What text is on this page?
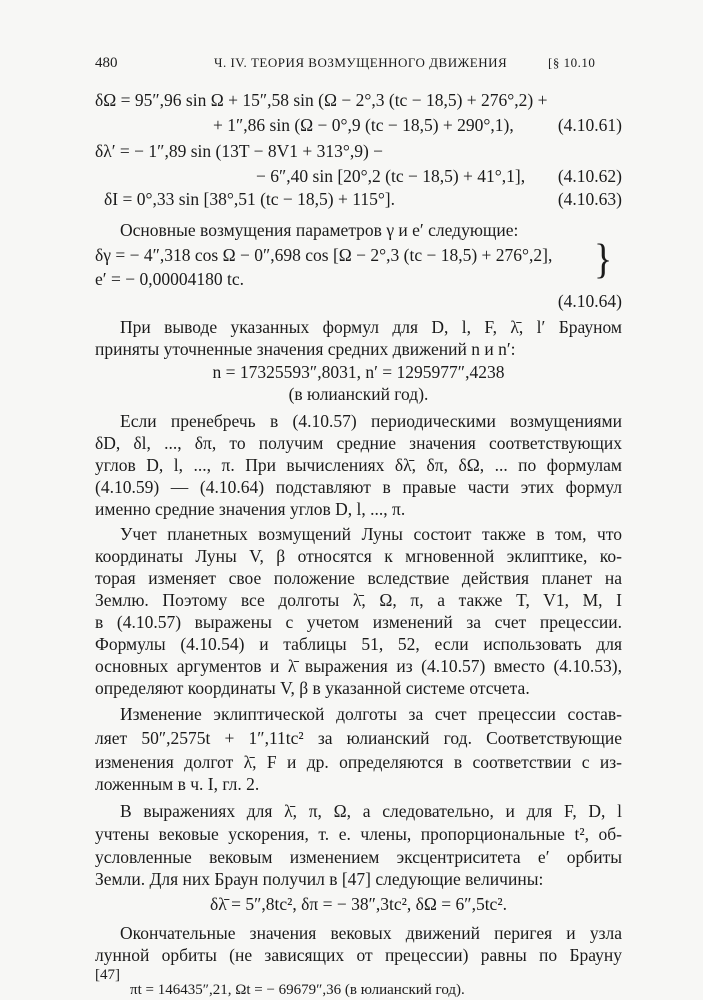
480	Ч. IV. ТЕОРИЯ ВОЗМУЩЕННОГО ДВИЖЕНИЯ	[§ 10.10
δΩ = 95″,96 sin Ω + 15″,58 sin (Ω − 2°,3 (tc − 18,5) + 276°,2) +
+ 1″,86 sin (Ω − 0°,9 (tc − 18,5) + 290°,1),	(4.10.61)
δλ′ = − 1″,89 sin (13T − 8V1 + 313°,9) −
− 6″,40 sin [20°,2 (tc − 18,5) + 41°,1],	(4.10.62)
δI = 0°,33 sin [38°,51 (tc − 18,5) + 115°].	(4.10.63)
Основные возмущения параметров γ и e′ следующие:
δγ = − 4″,318 cos Ω − 0″,698 cos [Ω − 2°,3 (tc − 18,5) + 276°,2],
e′ = − 0,00004180 tc.	}
(4.10.64)
При выводе указанных формул для D, l, F, λ̄, l′ Брауном
приняты уточненные значения средних движений n и n′:
n = 17325593″,8031, n′ = 1295977″,4238
(в юлианский год).
Если пренебречь в (4.10.57) периодическими возмущениями
δD, δl, ..., δπ, то получим средние значения соответствующих
углов D, l, ..., π. При вычислениях δλ̄, δπ, δΩ, ... по формулам
(4.10.59) — (4.10.64) подставляют в правые части этих формул
именно средние значения углов D, l, ..., π.
Учет планетных возмущений Луны состоит также в том, что
координаты Луны V, β относятся к мгновенной эклиптике, ко-
торая изменяет свое положение вследствие действия планет на
Землю. Поэтому все долготы λ̄, Ω, π, а также T, V1, M, I
в (4.10.57) выражены с учетом изменений за счет прецессии.
Формулы (4.10.54) и таблицы 51, 52, если использовать для
основных аргументов и λ̄ выражения из (4.10.57) вместо (4.10.53),
определяют координаты V, β в указанной системе отсчета.
Изменение эклиптической долготы за счет прецессии состав-
ляет 50″,2575t + 1″,11tc² за юлианский год. Соответствующие
изменения долгот λ̄, F и др. определяются в соответствии с из-
ложенным в ч. I, гл. 2.
В выражениях для λ̄, π, Ω, а следовательно, и для F, D, l
учтены вековые ускорения, т. е. члены, пропорциональные t², об-
условленные вековым изменением эксцентриситета e′ орбиты
Земли. Для них Браун получил в [47] следующие величины:
δλ̄ = 5″,8tc², δπ = − 38″,3tc², δΩ = 6″,5tc².
Окончательные значения вековых движений перигея и узла
лунной орбиты (не зависящих от прецессии) равны по Брауну
[47]
πt = 146435″,21, Ωt = − 69679″,36 (в юлианский год).
